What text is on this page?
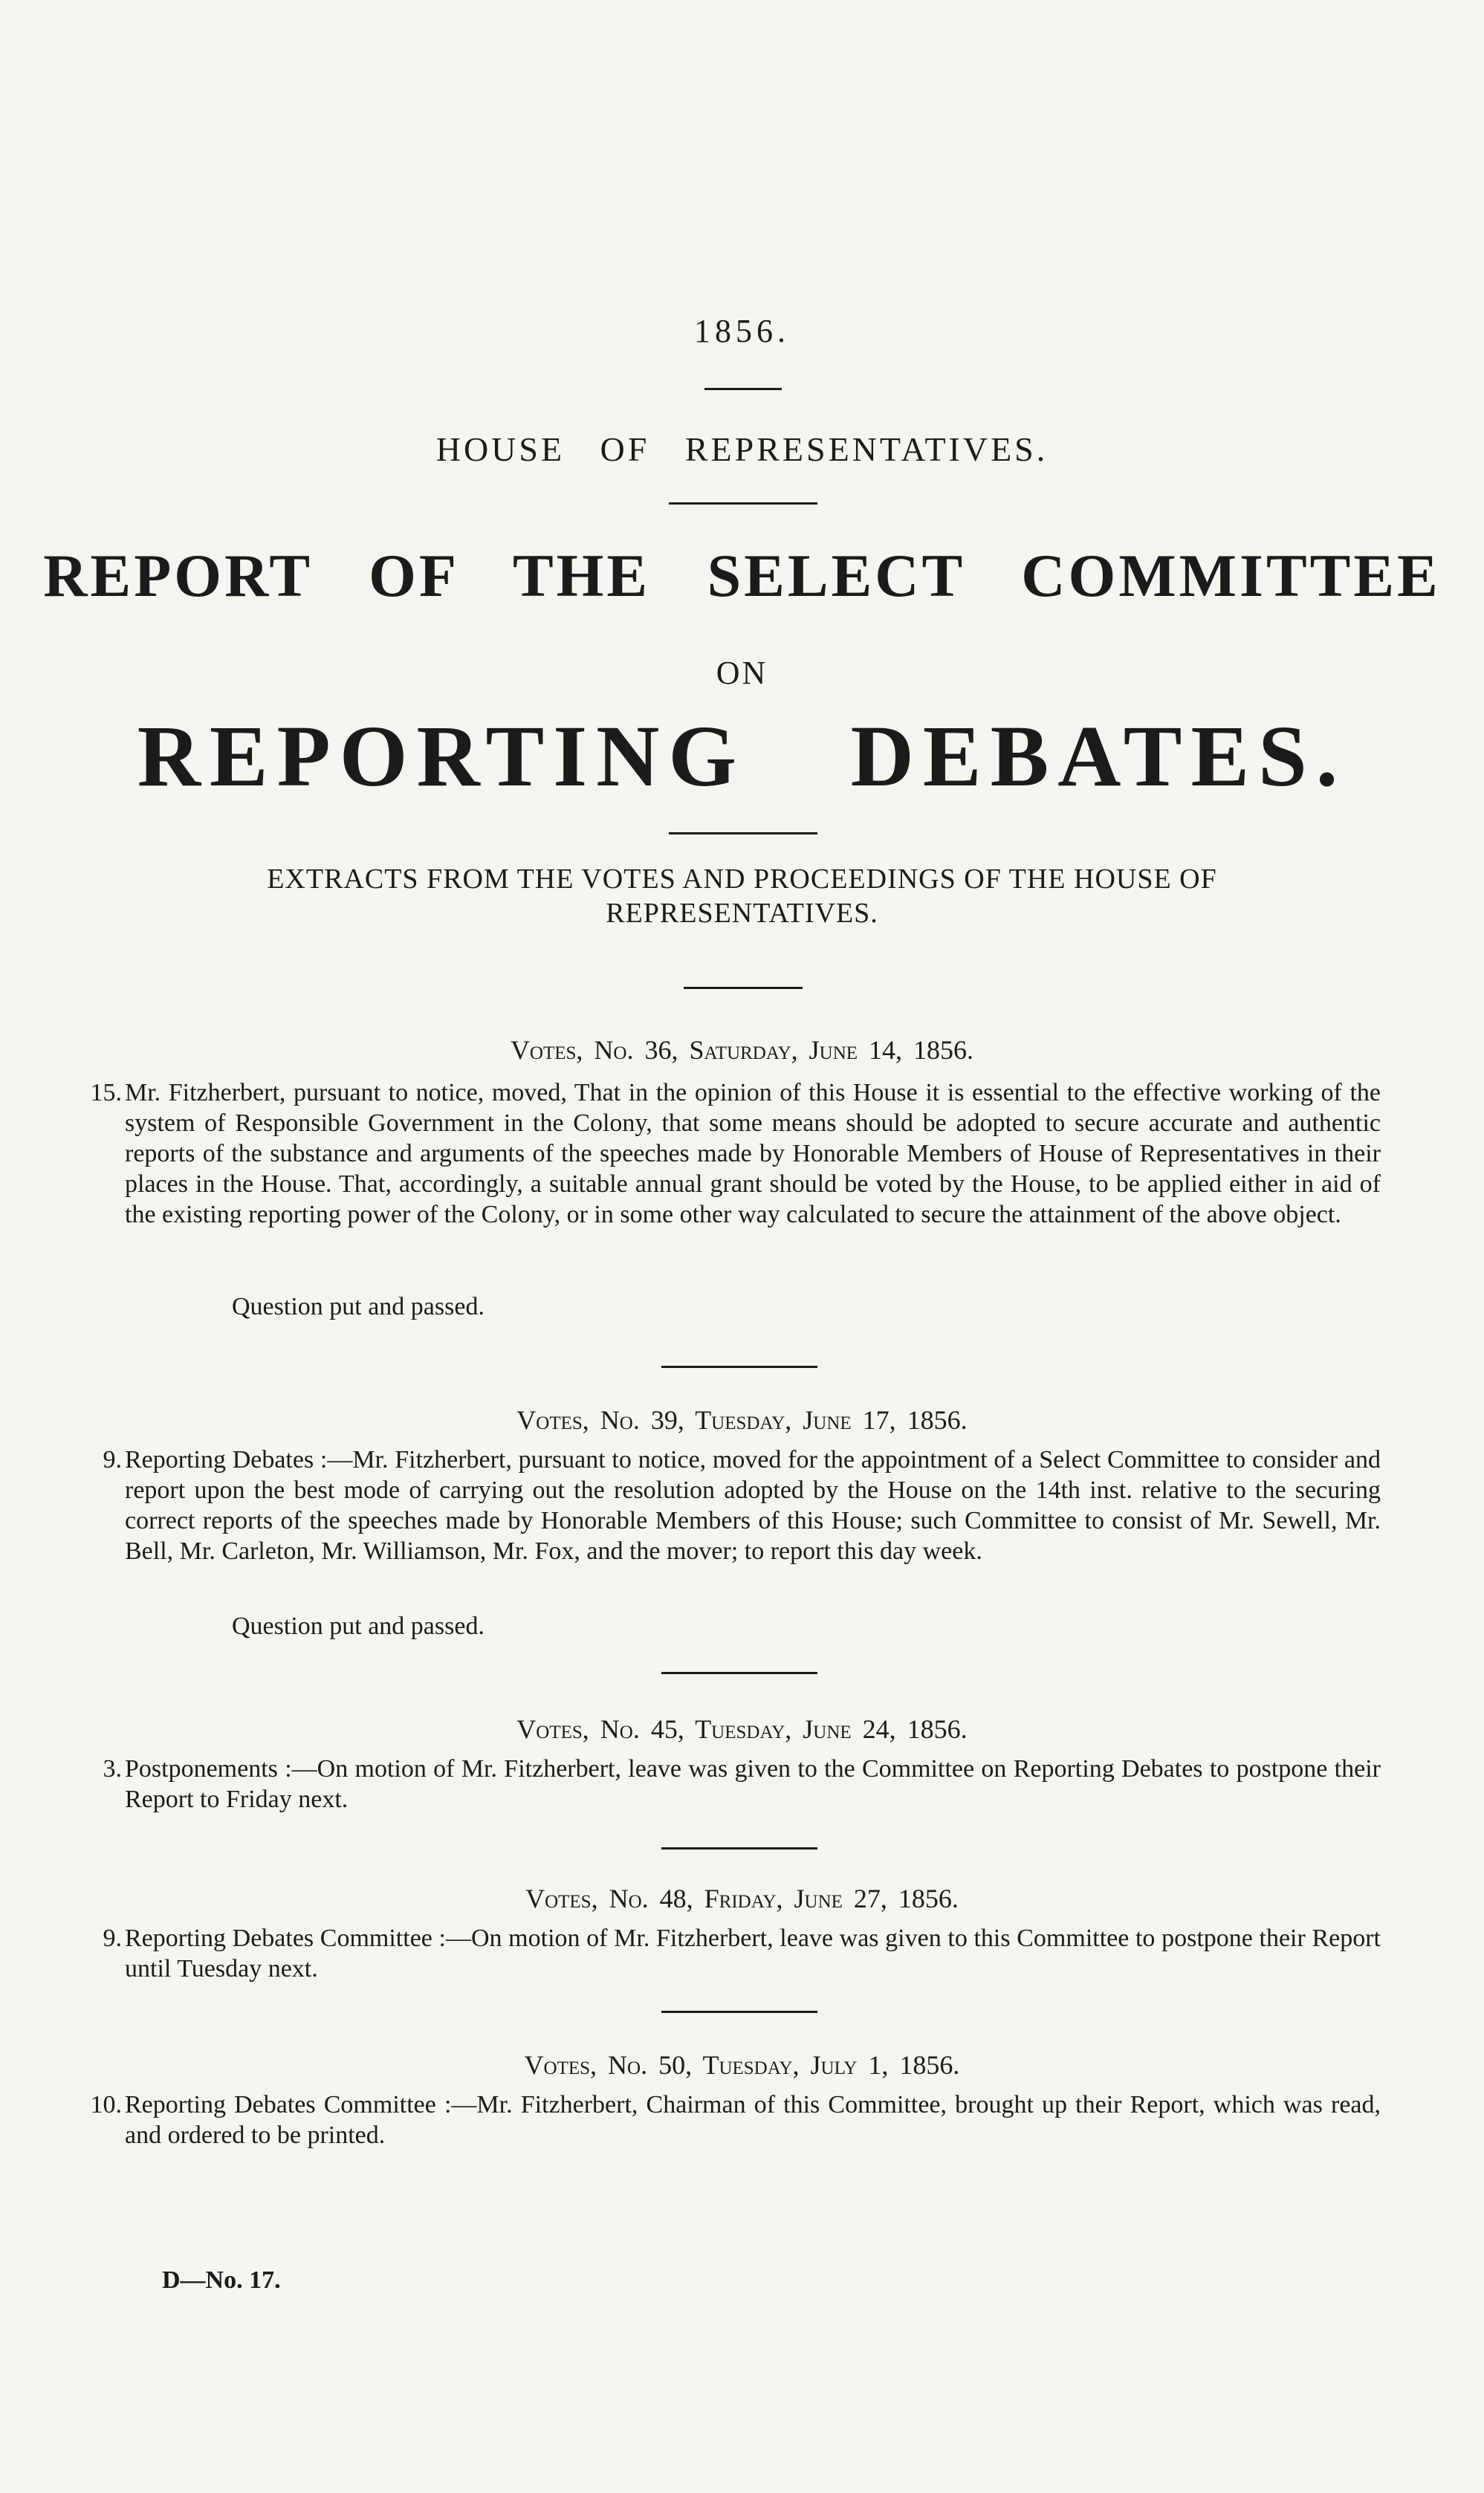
1856.
HOUSE OF REPRESENTATIVES.
REPORT OF THE SELECT COMMITTEE
ON
REPORTING DEBATES.
EXTRACTS FROM THE VOTES AND PROCEEDINGS OF THE HOUSE OF
REPRESENTATIVES.
Votes, No. 36, Saturday, June 14, 1856.
15. Mr. Fitzherbert, pursuant to notice, moved, That in the opinion of this House it is essential to the effective working of the system of Responsible Government in the Colony, that some means should be adopted to secure accurate and authentic reports of the substance and arguments of the speeches made by Honorable Members of House of Representatives in their places in the House. That, accordingly, a suitable annual grant should be voted by the House, to be applied either in aid of the existing reporting power of the Colony, or in some other way calculated to secure the attainment of the above object.

Question put and passed.
Votes, No. 39, Tuesday, June 17, 1856.
9. Reporting Debates :—Mr. Fitzherbert, pursuant to notice, moved for the appointment of a Select Committee to consider and report upon the best mode of carrying out the resolution adopted by the House on the 14th inst. relative to the securing correct reports of the speeches made by Honorable Members of this House; such Committee to consist of Mr. Sewell, Mr. Bell, Mr. Carleton, Mr. Williamson, Mr. Fox, and the mover; to report this day week.

Question put and passed.
Votes, No. 45, Tuesday, June 24, 1856.
3. Postponements :—On motion of Mr. Fitzherbert, leave was given to the Committee on Reporting Debates to postpone their Report to Friday next.

Votes, No. 48, Friday, June 27, 1856.
9. Reporting Debates Committee :—On motion of Mr. Fitzherbert, leave was given to this Committee to postpone their Report until Tuesday next.

Votes, No. 50, Tuesday, July 1, 1856.
10. Reporting Debates Committee :—Mr. Fitzherbert, Chairman of this Committee, brought up their Report, which was read, and ordered to be printed.

D—No. 17.
